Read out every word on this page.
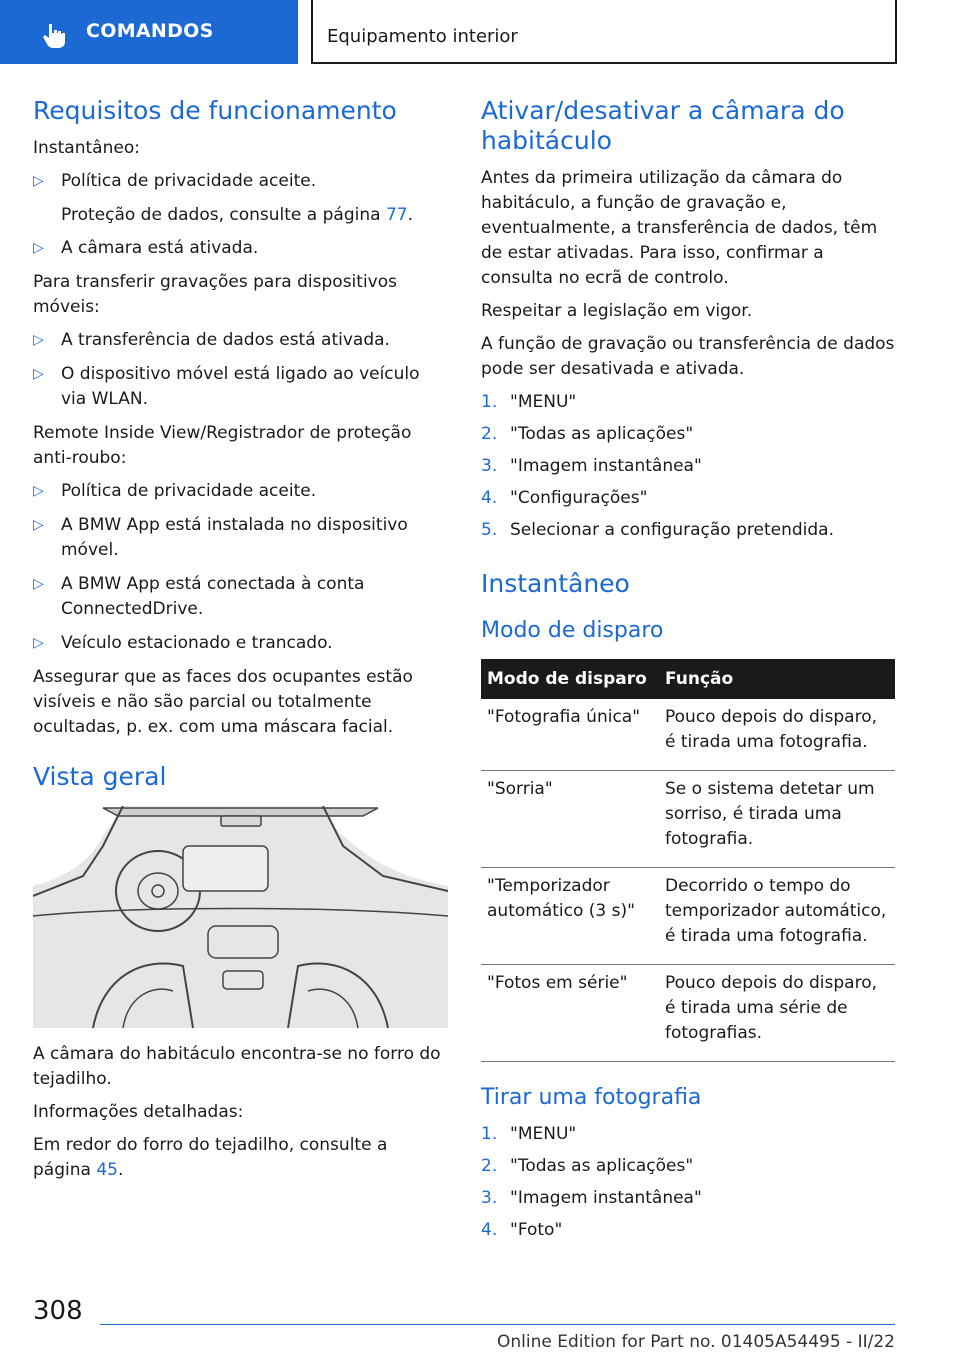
COMANDOS	Equipamento interior
Requisitos de funcionamento

Instantâneo:

▷ Política de privacidade aceite.

Proteção de dados, consulte a página 77.

▷ A câmara está ativada.

Para transferir gravações para dispositivos móveis:

▷ A transferência de dados está ativada.
▷ O dispositivo móvel está ligado ao veículo via WLAN.

Remote Inside View/Registrador de proteção anti-roubo:

▷ Política de privacidade aceite.
▷ A BMW App está instalada no dispositivo móvel.
▷ A BMW App está conectada à conta ConnectedDrive.
▷ Veículo estacionado e trancado.

Assegurar que as faces dos ocupantes estão visíveis e não são parcial ou totalmente ocultadas, p. ex. com uma máscara facial.

Vista geral

A câmara do habitáculo encontra-se no forro do tejadilho.

Informações detalhadas:

Em redor do forro do tejadilho, consulte a página 45.

Ativar/desativar a câmara do habitáculo

Antes da primeira utilização da câmara do habitáculo, a função de gravação e, eventualmente, a transferência de dados, têm de estar ativadas. Para isso, confirmar a consulta no ecrã de controlo.

Respeitar a legislação em vigor.

A função de gravação ou transferência de dados pode ser desativada e ativada.

1. "MENU"
2. "Todas as aplicações"
3. "Imagem instantânea"
4. "Configurações"
5. Selecionar a configuração pretendida.
Instantâneo
Modo de disparo
Modo de disparo	Função
"Fotografia única"	Pouco depois do disparo, é tirada uma fotografia.
"Sorria"	Se o sistema detetar um sorriso, é tirada uma fotografia.
"Temporizador automático (3 s)"	Decorrido o tempo do temporizador automático, é tirada uma fotografia.
"Fotos em série"	Pouco depois do disparo, é tirada uma série de fotografias.
Tirar uma fotografia
1. "MENU"
2. "Todas as aplicações"
3. "Imagem instantânea"
4. "Foto"
308
Online Edition for Part no. 01405A54495 - II/22
